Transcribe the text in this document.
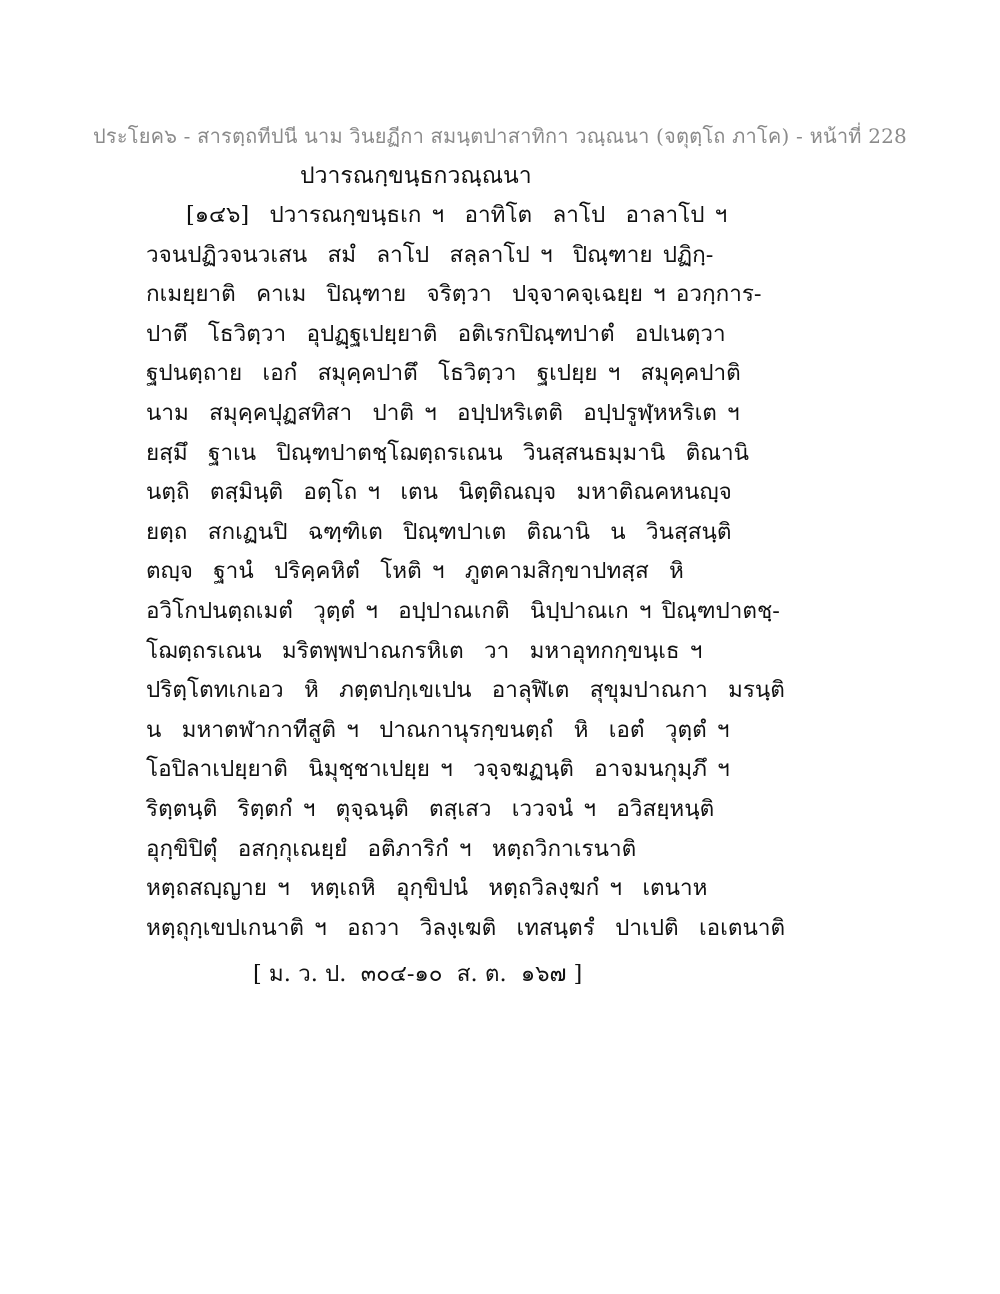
ประโยค๖ - สารตฺถทีปนี นาม วินยฏีกา สมนฺตปาสาทิกา วณฺณนา (จตุตฺโถ ภาโค) - หน้าที่ 228
ปวารณกฺขนฺธกวณฺณนา
[๑๔๖]  ปวารณกฺขนฺธเก ฯ  อาทิโต  ลาโป  อาลาโป ฯ
วจนปฏิวจนวเสน  สมํ  ลาโป  สลฺลาโป ฯ  ปิณฺฑาย ปฏิกฺ-
กเมยฺยาติ  คาเม  ปิณฺฑาย  จริตฺวา  ปจฺจาคจฺเฉยฺย ฯ อวกฺการ-
ปาตึ  โธวิตฺวา  อุปฏฺฐเปยฺยาติ  อติเรกปิณฺฑปาตํ  อปเนตฺวา
ฐปนตฺถาย  เอกํ  สมุคฺคปาตึ  โธวิตฺวา  ฐเปยฺย ฯ  สมุคฺคปาติ
นาม  สมุคฺคปุฏสทิสา  ปาติ ฯ  อปฺปหริเตติ  อปฺปรูฬฺหหริเต ฯ
ยสฺมึ  ฐาเน  ปิณฺฑปาตชฺโฌตฺถรเณน  วินสฺสนธมฺมานิ  ติณานิ
นตฺถิ  ตสฺมินฺติ  อตฺโถ ฯ  เตน  นิตฺติณญฺจ  มหาติณคหนญฺจ
ยตฺถ  สกเฏนปิ  ฉฑฺฑิเต  ปิณฺฑปาเต  ติณานิ  น  วินสฺสนฺติ
ตญฺจ  ฐานํ  ปริคฺคหิตํ  โหติ ฯ  ภูตคามสิกฺขาปทสฺส  หิ
อวิโกปนตฺถเมตํ  วุตฺตํ ฯ  อปฺปาณเกติ  นิปฺปาณเก ฯ ปิณฺฑปาตชฺ-
โฌตฺถรเณน  มริตพฺพปาณกรหิเต  วา  มหาอุทกกฺขนฺเธ ฯ
ปริตฺโตทเกเอว  หิ  ภตฺตปกฺเขเปน  อาลุฬิเต  สุขุมปาณกา  มรนฺติ
น  มหาตฬากาทีสูติ ฯ  ปาณกานุรกฺขนตฺถํ  หิ  เอตํ  วุตฺตํ ฯ
โอปิลาเปยฺยาติ  นิมุชฺชาเปยฺย ฯ  วจฺจฆฏนฺติ  อาจมนกุมฺภึ ฯ
ริตฺตนฺติ  ริตฺตกํ ฯ  ตุจฺฉนฺติ  ตสฺเสว  เววจนํ ฯ  อวิสยฺหนฺติ
อุกฺขิปิตุํ  อสกฺกุเณยฺยํ  อติภาริกํ ฯ  หตฺถวิกาเรนาติ
หตฺถสญฺญาย ฯ  หตฺเถหิ  อุกฺขิปนํ  หตฺถวิลงฺฆกํ ฯ  เตนาห
หตฺถุกฺเขปเกนาติ ฯ  อถวา  วิลงฺเฆติ  เทสนฺตรํ  ปาเปติ  เอเตนาติ
[ ม. ว. ป.  ๓๐๔-๑๐  ส. ต.  ๑๖๗ ]
